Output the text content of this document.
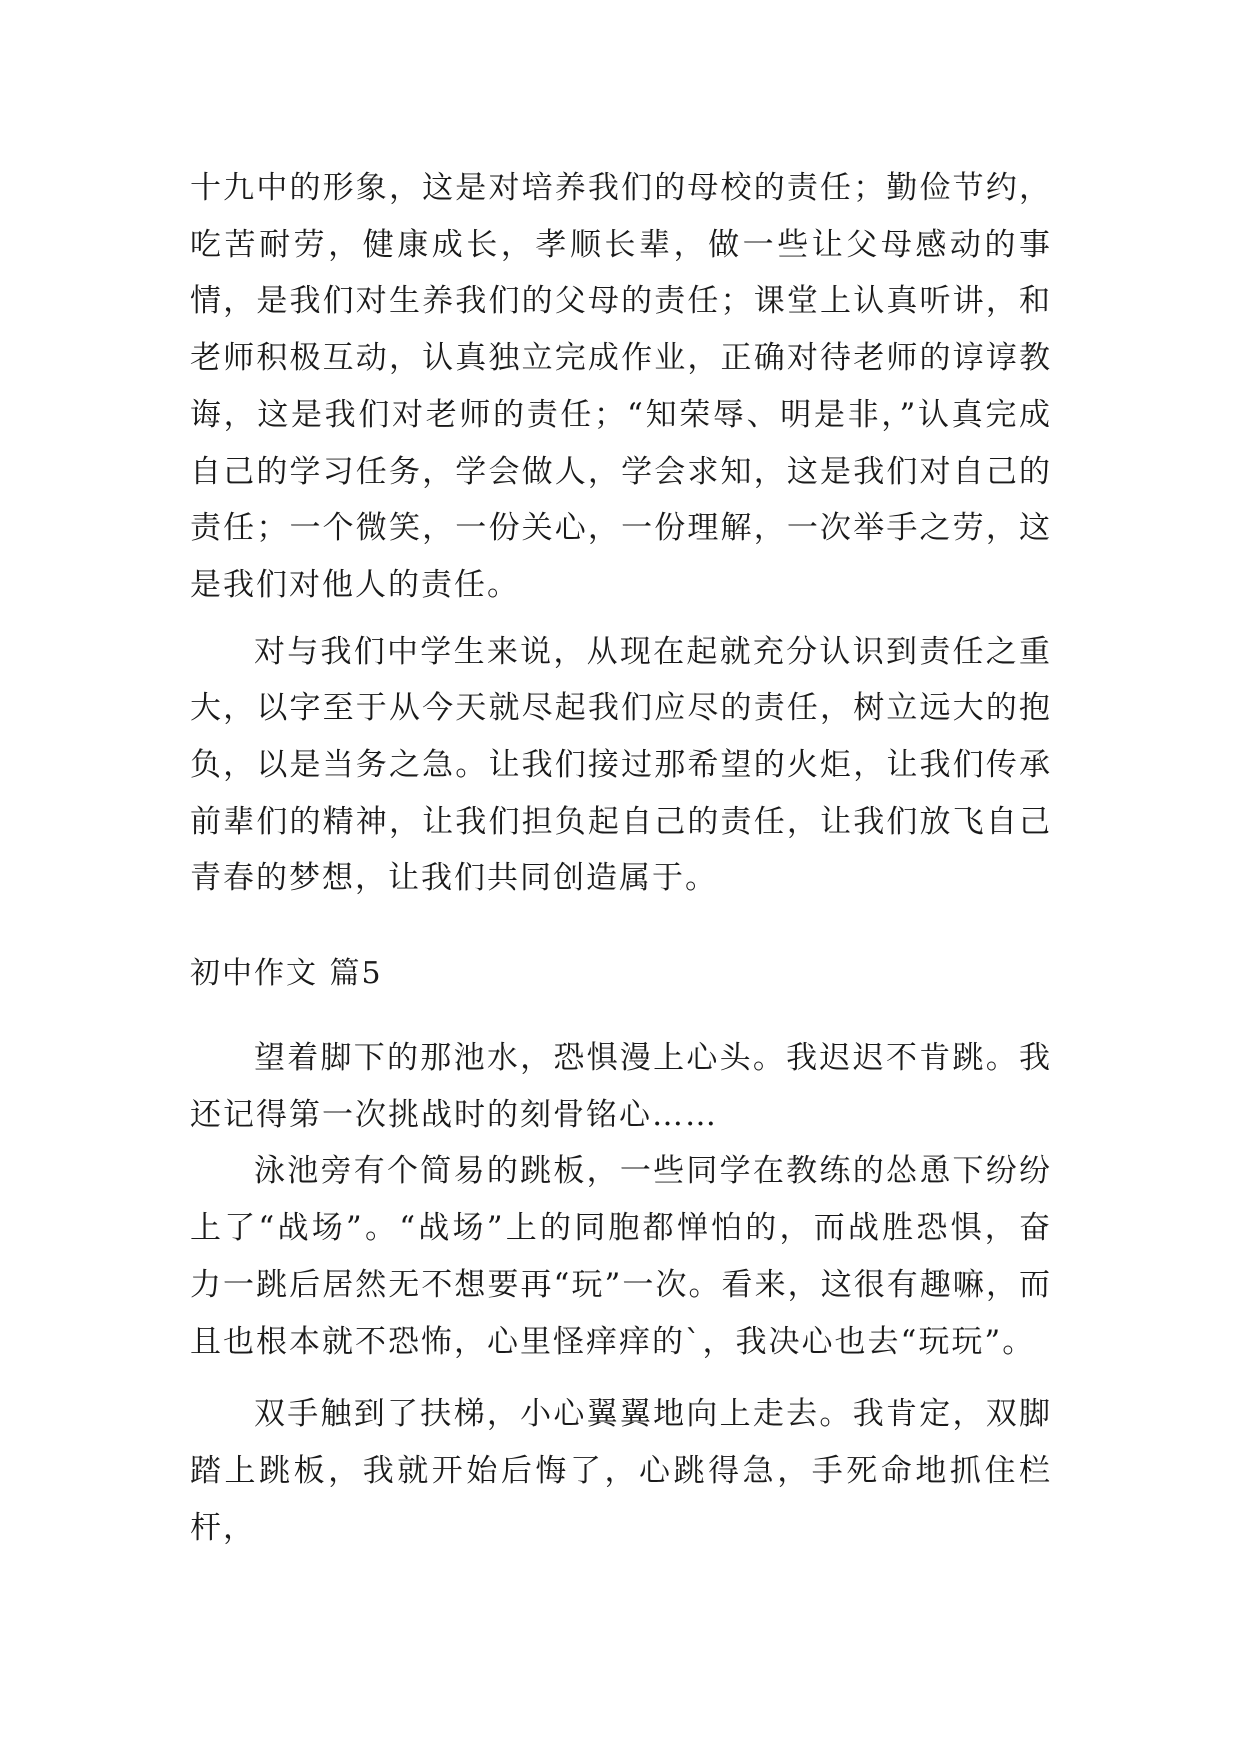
十九中的形象，这是对培养我们的母校的责任；勤俭节约，吃苦耐劳，健康成长，孝顺长辈，做一些让父母感动的事情，是我们对生养我们的父母的责任；课堂上认真听讲，和老师积极互动，认真独立完成作业，正确对待老师的谆谆教诲，这是我们对老师的责任；“知荣辱、明是非，”认真完成自己的学习任务，学会做人，学会求知，这是我们对自己的责任；一个微笑，一份关心，一份理解，一次举手之劳，这是我们对他人的责任。

对与我们中学生来说，从现在起就充分认识到责任之重大，以字至于从今天就尽起我们应尽的责任，树立远大的抱负，以是当务之急。让我们接过那希望的火炬，让我们传承前辈们的精神，让我们担负起自己的责任，让我们放飞自己青春的梦想，让我们共同创造属于。

初中作文 篇5

望着脚下的那池水，恐惧漫上心头。我迟迟不肯跳。我还记得第一次挑战时的刻骨铭心……

泳池旁有个简易的跳板，一些同学在教练的怂恿下纷纷上了“战场”。“战场”上的同胞都惮怕的，而战胜恐惧，奋力一跳后居然无不想要再“玩”一次。看来，这很有趣嘛，而且也根本就不恐怖，心里怪痒痒的`，我决心也去“玩玩”。

双手触到了扶梯，小心翼翼地向上走去。我肯定，双脚踏上跳板，我就开始后悔了，心跳得急，手死命地抓住栏杆，
